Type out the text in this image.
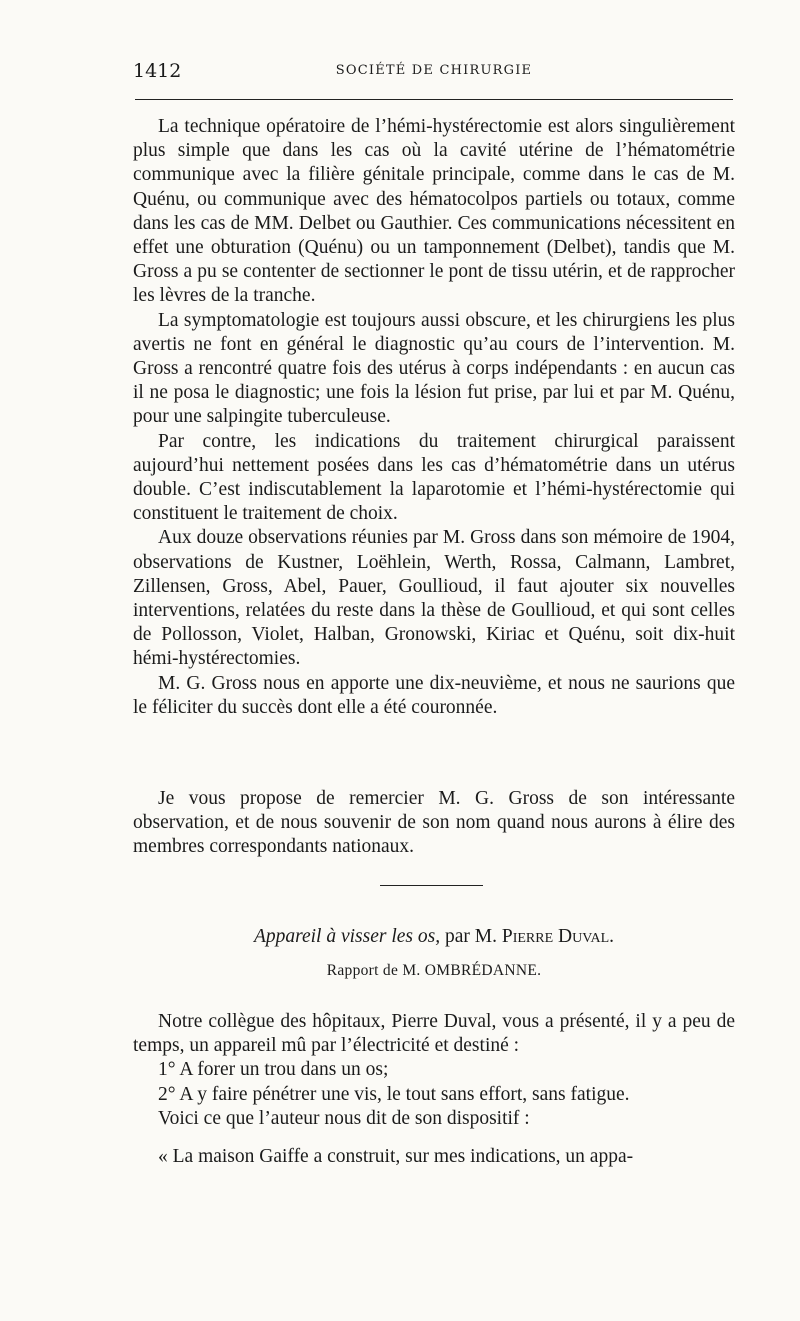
1412	SOCIÉTÉ DE CHIRURGIE

La technique opératoire de l’hémi-hystérectomie est alors singulièrement plus simple que dans les cas où la cavité utérine de l’hématométrie communique avec la filière génitale principale, comme dans le cas de M. Quénu, ou communique avec des hématocolpos partiels ou totaux, comme dans les cas de MM. Delbet ou Gauthier. Ces communications nécessitent en effet une obturation (Quénu) ou un tamponnement (Delbet), tandis que M. Gross a pu se contenter de sectionner le pont de tissu utérin, et de rapprocher les lèvres de la tranche.

La symptomatologie est toujours aussi obscure, et les chirurgiens les plus avertis ne font en général le diagnostic qu’au cours de l’intervention. M. Gross a rencontré quatre fois des utérus à corps indépendants : en aucun cas il ne posa le diagnostic; une fois la lésion fut prise, par lui et par M. Quénu, pour une salpingite tuberculeuse.

Par contre, les indications du traitement chirurgical paraissent aujourd’hui nettement posées dans les cas d’hématométrie dans un utérus double. C’est indiscutablement la laparotomie et l’hémi-hystérectomie qui constituent le traitement de choix.

Aux douze observations réunies par M. Gross dans son mémoire de 1904, observations de Kustner, Loëhlein, Werth, Rossa, Calmann, Lambret, Zillensen, Gross, Abel, Pauer, Goullioud, il faut ajouter six nouvelles interventions, relatées du reste dans la thèse de Goullioud, et qui sont celles de Pollosson, Violet, Halban, Gronowski, Kiriac et Quénu, soit dix-huit hémi-hystérectomies.

M. G. Gross nous en apporte une dix-neuvième, et nous ne saurions que le féliciter du succès dont elle a été couronnée.

Je vous propose de remercier M. G. Gross de son intéressante observation, et de nous souvenir de son nom quand nous aurons à élire des membres correspondants nationaux.

Appareil à visser les os, par M. Pierre Duval.
Rapport de M. OMBRÉDANNE.

Notre collègue des hôpitaux, Pierre Duval, vous a présenté, il y a peu de temps, un appareil mû par l’électricité et destiné :

1° A forer un trou dans un os;

2° A y faire pénétrer une vis, le tout sans effort, sans fatigue.

Voici ce que l’auteur nous dit de son dispositif :

« La maison Gaiffe a construit, sur mes indications, un appa-
